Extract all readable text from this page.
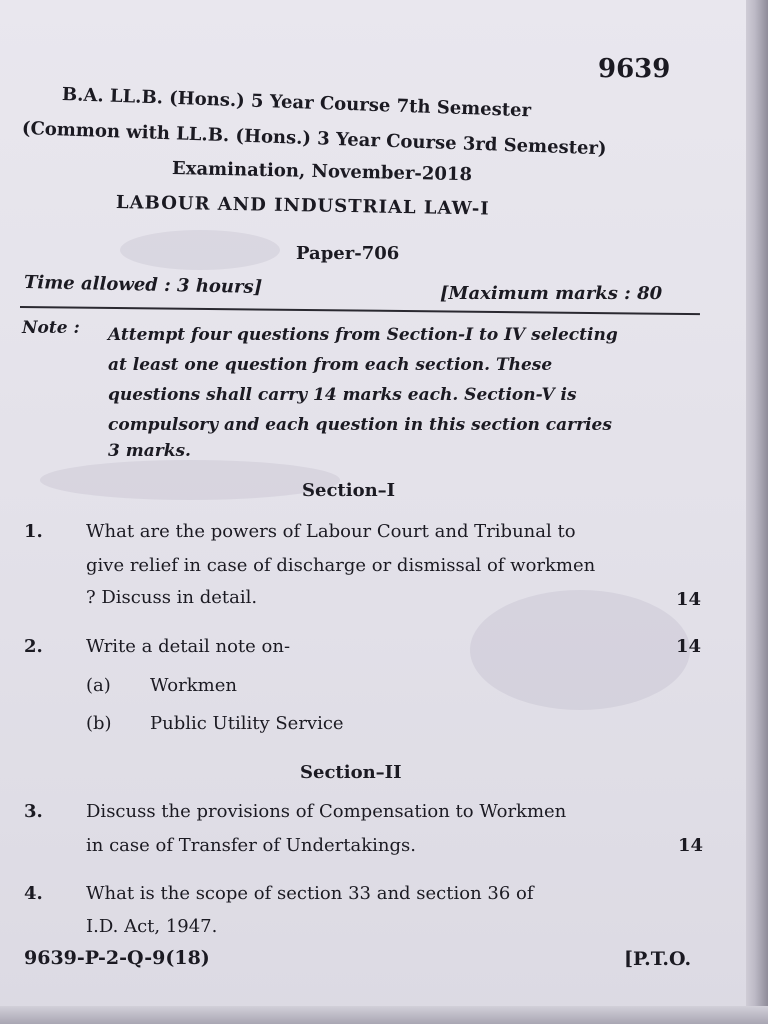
9639
B.A. LL.B. (Hons.) 5 Year Course 7th Semester
(Common with LL.B. (Hons.) 3 Year Course 3rd Semester)
Examination, November-2018
LABOUR AND INDUSTRIAL LAW-I
Paper-706
Time allowed : 3 hours]	[Maximum marks : 80
Note : Attempt four questions from Section-I to IV selecting
at least one question from each section. These
questions shall carry 14 marks each. Section-V is
compulsory and each question in this section carries
3 marks.
Section–I
1. What are the powers of Labour Court and Tribunal to
give relief in case of discharge or dismissal of workmen
? Discuss in detail.	14
2. Write a detail note on-	14
(a) Workmen
(b) Public Utility Service
Section–II
3. Discuss the provisions of Compensation to Workmen
in case of Transfer of Undertakings.	14
4. What is the scope of section 33 and section 36 of
I.D. Act, 1947.
9639-P-2-Q-9(18)	[P.T.O.
